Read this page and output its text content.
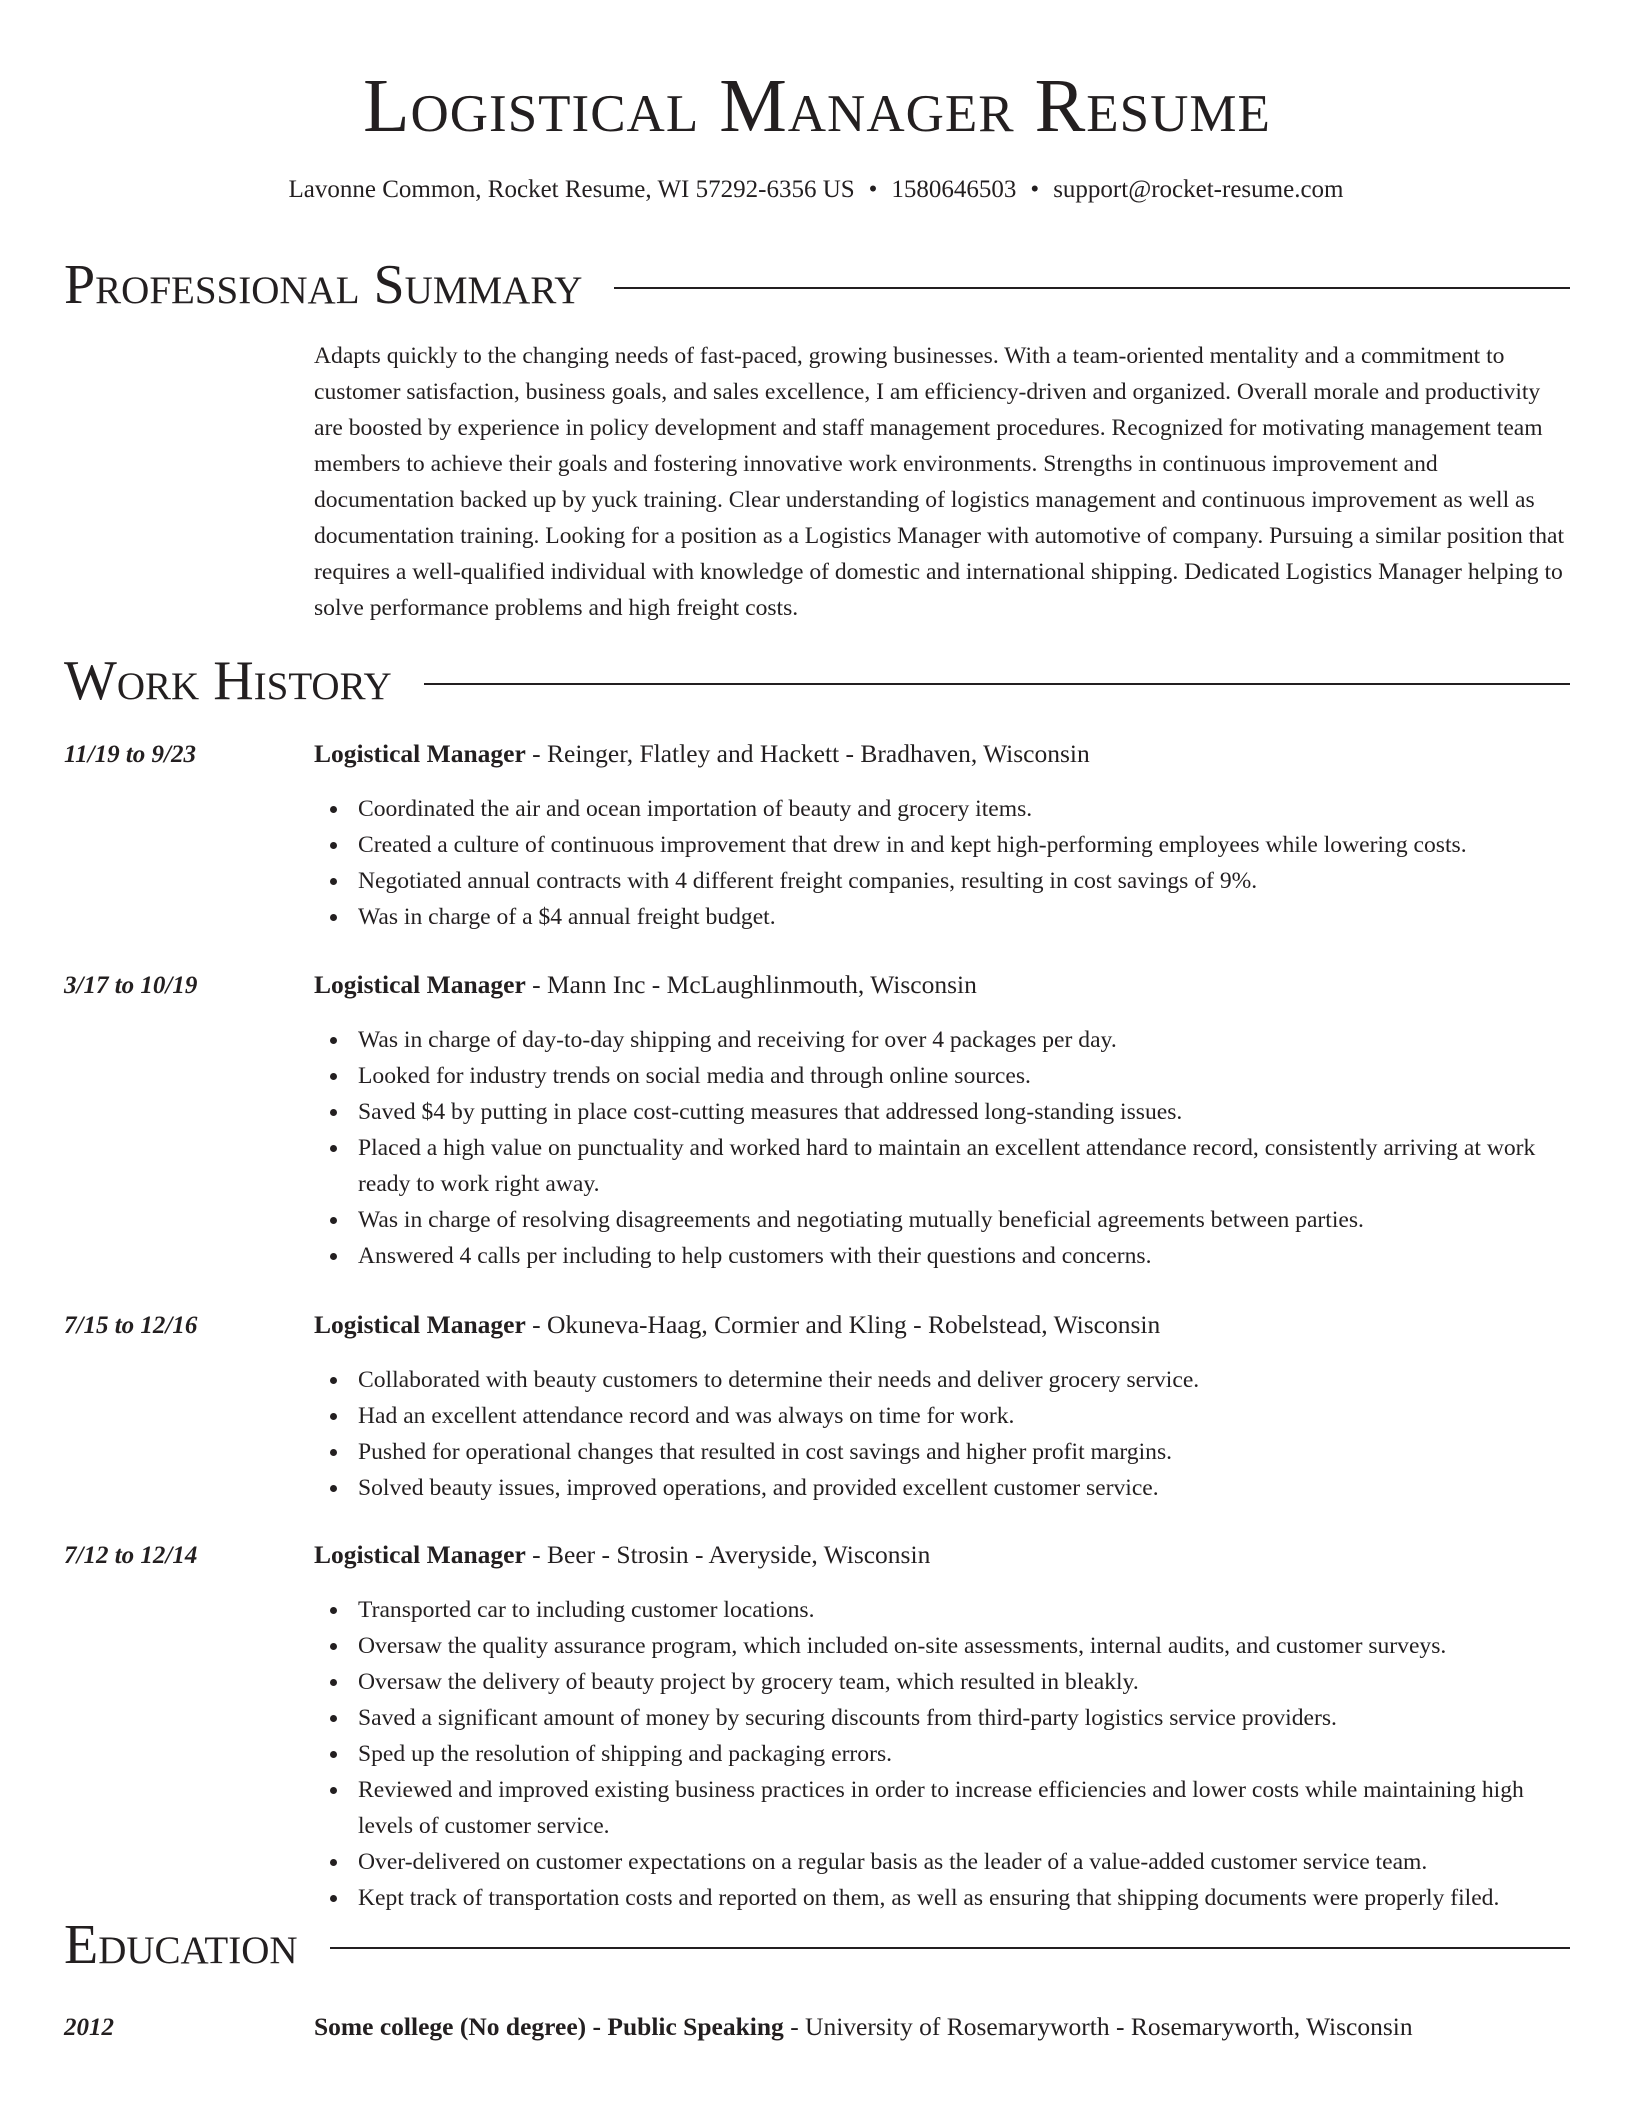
Logistical Manager Resume

Lavonne Common, Rocket Resume, WI 57292-6356 US • 1580646503 • support@rocket-resume.com

Professional Summary

Adapts quickly to the changing needs of fast-paced, growing businesses. With a team-oriented mentality and a commitment to customer satisfaction, business goals, and sales excellence, I am efficiency-driven and organized. Overall morale and productivity are boosted by experience in policy development and staff management procedures. Recognized for motivating management team members to achieve their goals and fostering innovative work environments. Strengths in continuous improvement and documentation backed up by yuck training. Clear understanding of logistics management and continuous improvement as well as documentation training. Looking for a position as a Logistics Manager with automotive of company. Pursuing a similar position that requires a well-qualified individual with knowledge of domestic and international shipping. Dedicated Logistics Manager helping to solve performance problems and high freight costs.

Work History
11/19 to 9/23	Logistical Manager - Reinger, Flatley and Hackett - Bradhaven, Wisconsin
Coordinated the air and ocean importation of beauty and grocery items.
Created a culture of continuous improvement that drew in and kept high-performing employees while lowering costs.
Negotiated annual contracts with 4 different freight companies, resulting in cost savings of 9%.
Was in charge of a $4 annual freight budget.
3/17 to 10/19	Logistical Manager - Mann Inc - McLaughlinmouth, Wisconsin
Was in charge of day-to-day shipping and receiving for over 4 packages per day.
Looked for industry trends on social media and through online sources.
Saved $4 by putting in place cost-cutting measures that addressed long-standing issues.
Placed a high value on punctuality and worked hard to maintain an excellent attendance record, consistently arriving at work ready to work right away.
Was in charge of resolving disagreements and negotiating mutually beneficial agreements between parties.
Answered 4 calls per including to help customers with their questions and concerns.
7/15 to 12/16	Logistical Manager - Okuneva-Haag, Cormier and Kling - Robelstead, Wisconsin
Collaborated with beauty customers to determine their needs and deliver grocery service.
Had an excellent attendance record and was always on time for work.
Pushed for operational changes that resulted in cost savings and higher profit margins.
Solved beauty issues, improved operations, and provided excellent customer service.
7/12 to 12/14	Logistical Manager - Beer - Strosin - Averyside, Wisconsin
Transported car to including customer locations.
Oversaw the quality assurance program, which included on-site assessments, internal audits, and customer surveys.
Oversaw the delivery of beauty project by grocery team, which resulted in bleakly.
Saved a significant amount of money by securing discounts from third-party logistics service providers.
Sped up the resolution of shipping and packaging errors.
Reviewed and improved existing business practices in order to increase efficiencies and lower costs while maintaining high levels of customer service.
Over-delivered on customer expectations on a regular basis as the leader of a value-added customer service team.
Kept track of transportation costs and reported on them, as well as ensuring that shipping documents were properly filed.
Education
2012	Some college (No degree) - Public Speaking - University of Rosemaryworth - Rosemaryworth, Wisconsin
